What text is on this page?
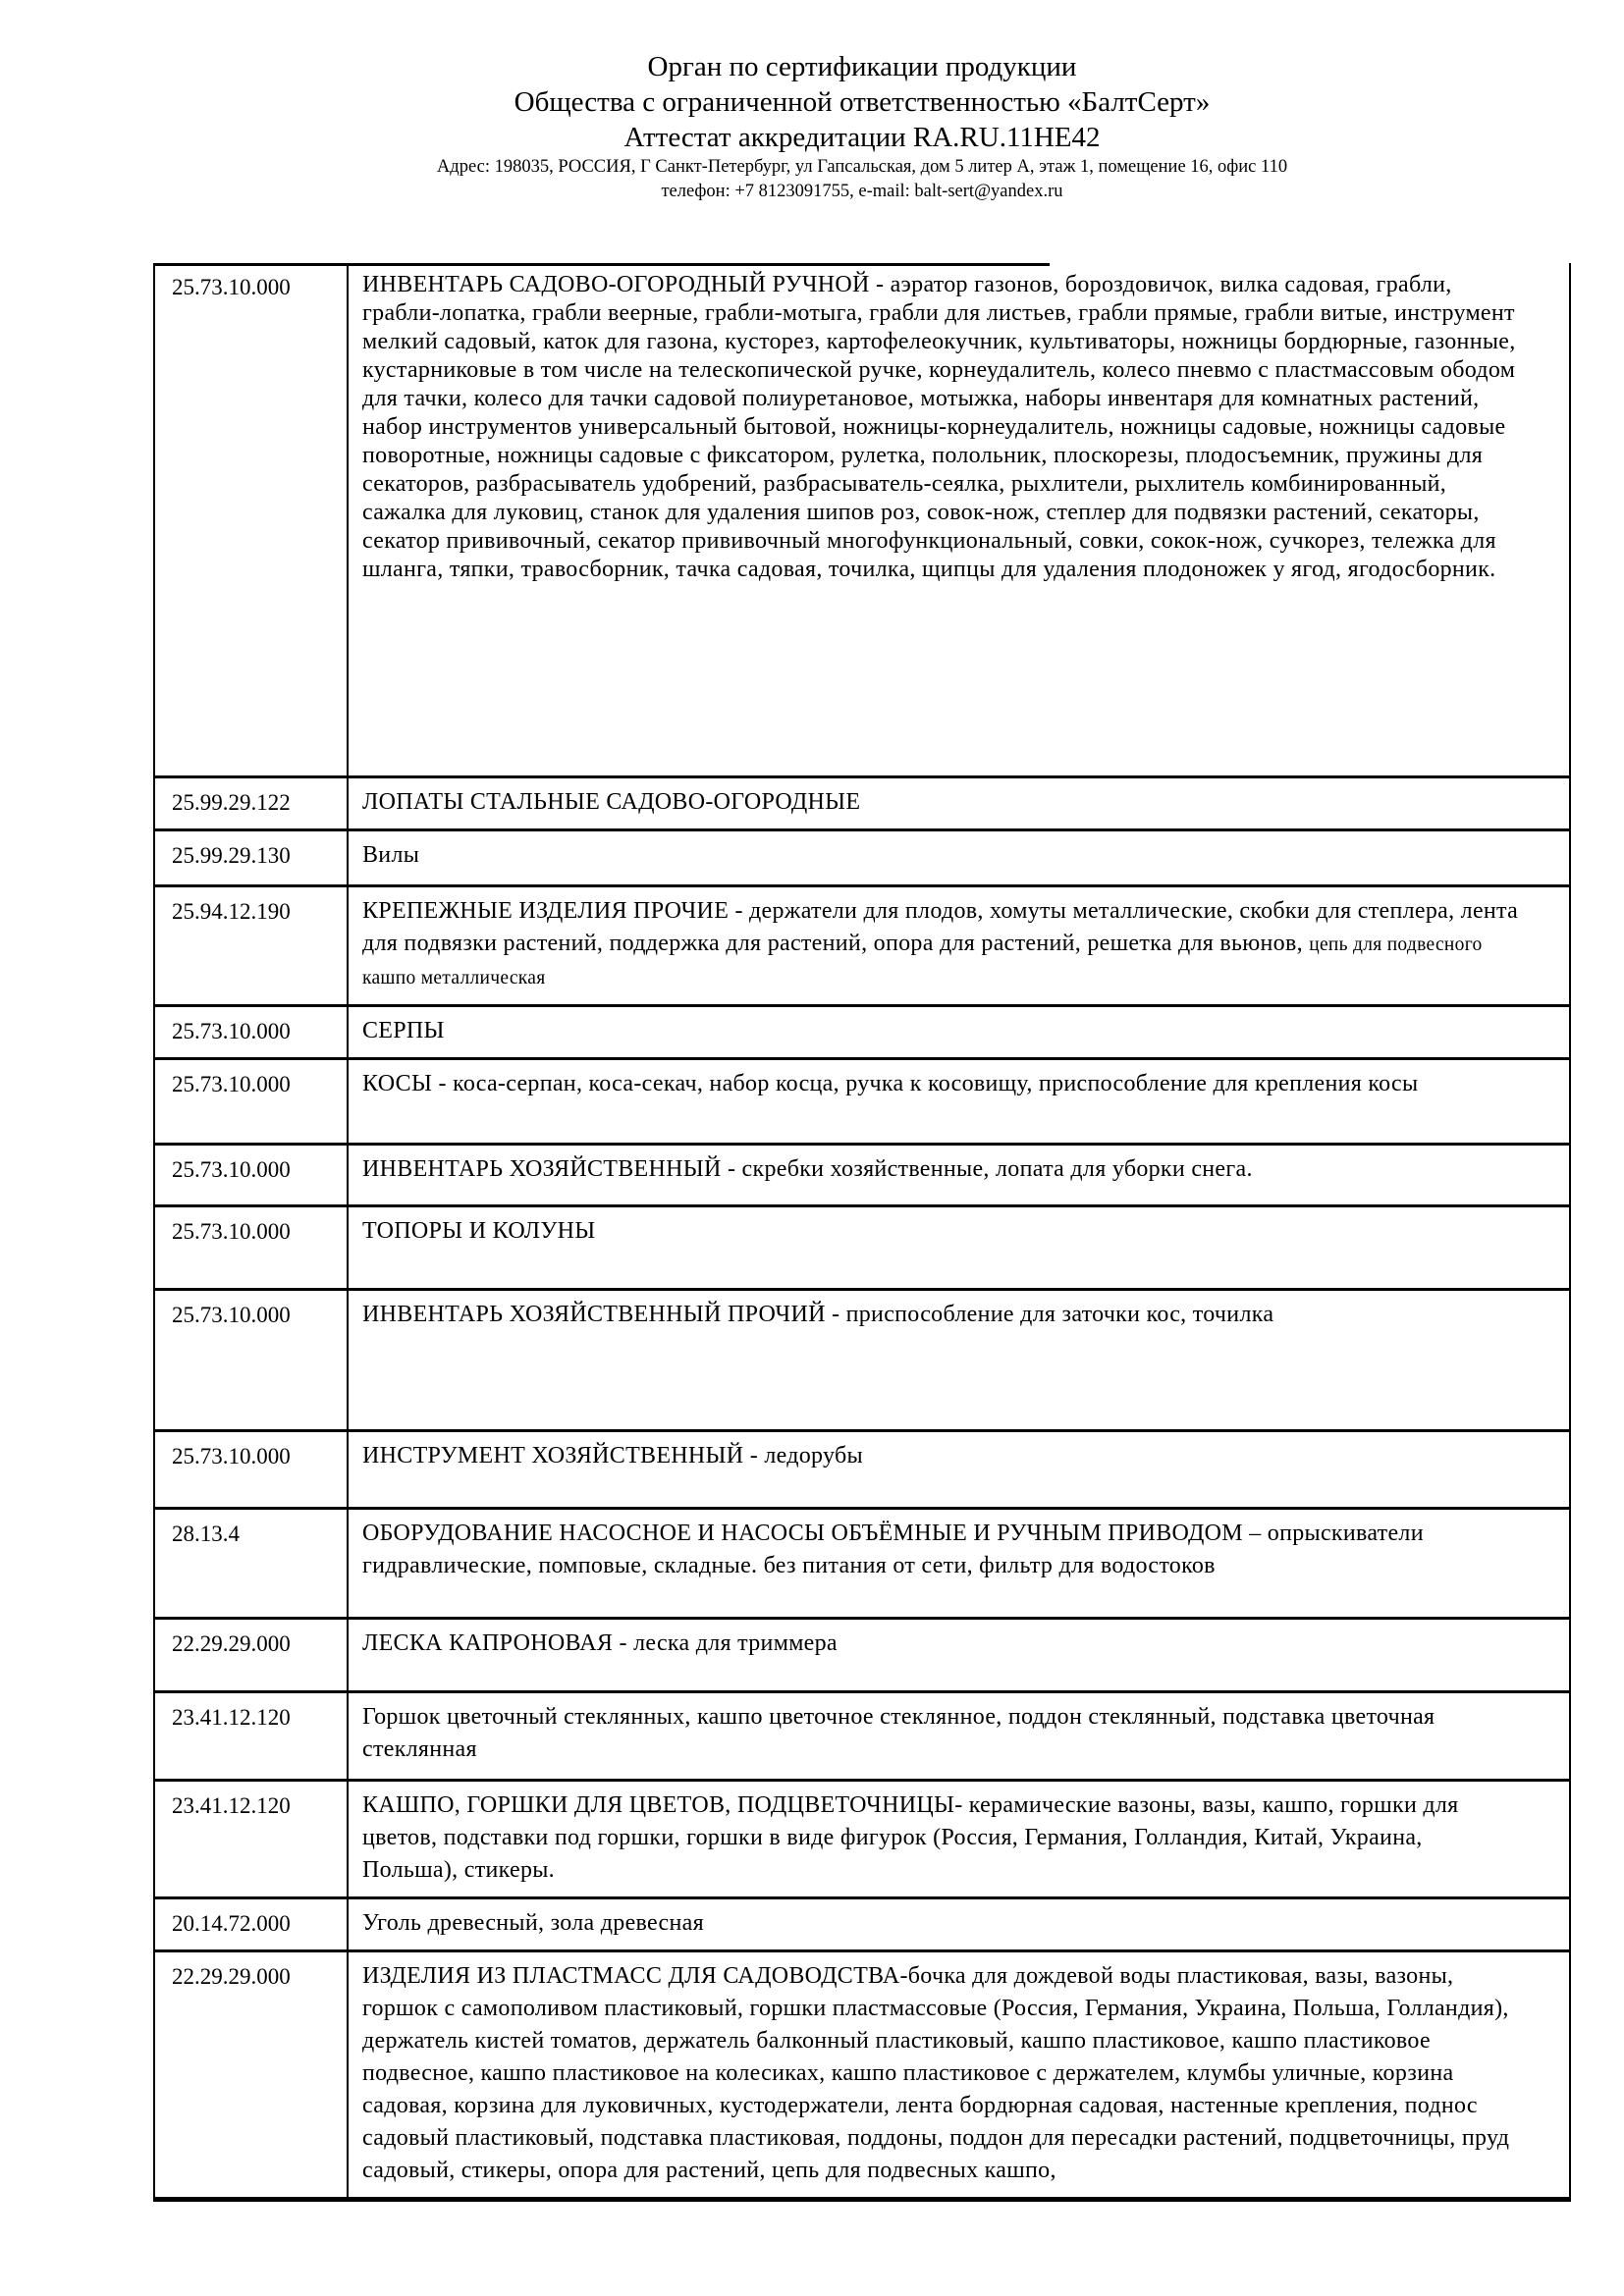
Орган по сертификации продукции
Общества с ограниченной ответственностью «БалтСерт»
Аттестат аккредитации RA.RU.11HE42
Адрес: 198035, РОССИЯ, Г Санкт-Петербург, ул Гапсальская, дом 5 литер А, этаж 1, помещение 16, офис 110
телефон: +7 8123091755, e-mail: balt-sert@yandex.ru
25.73.10.000	ИНВЕНТАРЬ САДОВО-ОГОРОДНЫЙ РУЧНОЙ - аэратор газонов, бороздовичок, вилка садовая, грабли, грабли-лопатка, грабли веерные, грабли-мотыга, грабли для листьев, грабли прямые, грабли витые, инструмент мелкий садовый, каток для газона, кусторез, картофелеокучник, культиваторы, ножницы бордюрные, газонные, кустарниковые в том числе на телескопической ручке, корнеудалитель, колесо пневмо с пластмассовым ободом для тачки, колесо для тачки садовой полиуретановое, мотыжка, наборы инвентаря для комнатных растений, набор инструментов универсальный бытовой, ножницы-корнеудалитель, ножницы садовые, ножницы садовые поворотные, ножницы садовые с фиксатором, рулетка, полольник, плоскорезы, плодосъемник, пружины для секаторов, разбрасыватель удобрений, разбрасыватель-сеялка, рыхлители, рыхлитель комбинированный, сажалка для луковиц, станок для удаления шипов роз, совок-нож, степлер для подвязки растений, секаторы, секатор прививочный, секатор прививочный многофункциональный, совки, сокок-нож, сучкорез, тележка для шланга, тяпки, травосборник, тачка садовая, точилка, щипцы для удаления плодоножек у ягод, ягодосборник.
25.99.29.122	ЛОПАТЫ СТАЛЬНЫЕ САДОВО-ОГОРОДНЫЕ
25.99.29.130	Вилы
25.94.12.190	КРЕПЕЖНЫЕ ИЗДЕЛИЯ ПРОЧИЕ - держатели для плодов, хомуты металлические, скобки для степлера, лента для подвязки растений, поддержка для растений, опора для растений, решетка для вьюнов, цепь для подвесного кашпо металлическая
25.73.10.000	СЕРПЫ
25.73.10.000	КОСЫ - коса-серпан, коса-секач, набор косца, ручка к косовищу, приспособление для крепления косы
25.73.10.000	ИНВЕНТАРЬ ХОЗЯЙСТВЕННЫЙ - скребки хозяйственные, лопата для уборки снега.
25.73.10.000	ТОПОРЫ И КОЛУНЫ
25.73.10.000	ИНВЕНТАРЬ ХОЗЯЙСТВЕННЫЙ ПРОЧИЙ - приспособление для заточки кос, точилка
25.73.10.000	ИНСТРУМЕНТ ХОЗЯЙСТВЕННЫЙ - ледорубы
28.13.4	ОБОРУДОВАНИЕ НАСОСНОЕ И НАСОСЫ ОБЪЁМНЫЕ И РУЧНЫМ ПРИВОДОМ – опрыскиватели гидравлические, помповые, складные. без питания от сети, фильтр для водостоков
22.29.29.000	ЛЕСКА КАПРОНОВАЯ - леска для триммера
23.41.12.120	Горшок цветочный стеклянных, кашпо цветочное стеклянное, поддон стеклянный, подставка цветочная стеклянная
23.41.12.120	КАШПО, ГОРШКИ ДЛЯ ЦВЕТОВ, ПОДЦВЕТОЧНИЦЫ- керамические вазоны, вазы, кашпо, горшки для цветов, подставки под горшки, горшки в виде фигурок (Россия, Германия, Голландия, Китай, Украина, Польша), стикеры.
20.14.72.000	Уголь древесный, зола древесная
22.29.29.000	ИЗДЕЛИЯ ИЗ ПЛАСТМАСС ДЛЯ САДОВОДСТВА-бочка для дождевой воды пластиковая, вазы, вазоны, горшок с самополивом пластиковый, горшки пластмассовые (Россия, Германия, Украина, Польша, Голландия), держатель кистей томатов, держатель балконный пластиковый, кашпо пластиковое, кашпо пластиковое подвесное, кашпо пластиковое на колесиках, кашпо пластиковое с держателем, клумбы уличные, корзина садовая, корзина для луковичных, кустодержатели, лента бордюрная садовая, настенные крепления, поднос садовый пластиковый, подставка пластиковая, поддоны, поддон для пересадки растений, подцветочницы, пруд садовый, стикеры, опора для растений, цепь для подвесных кашпо,
